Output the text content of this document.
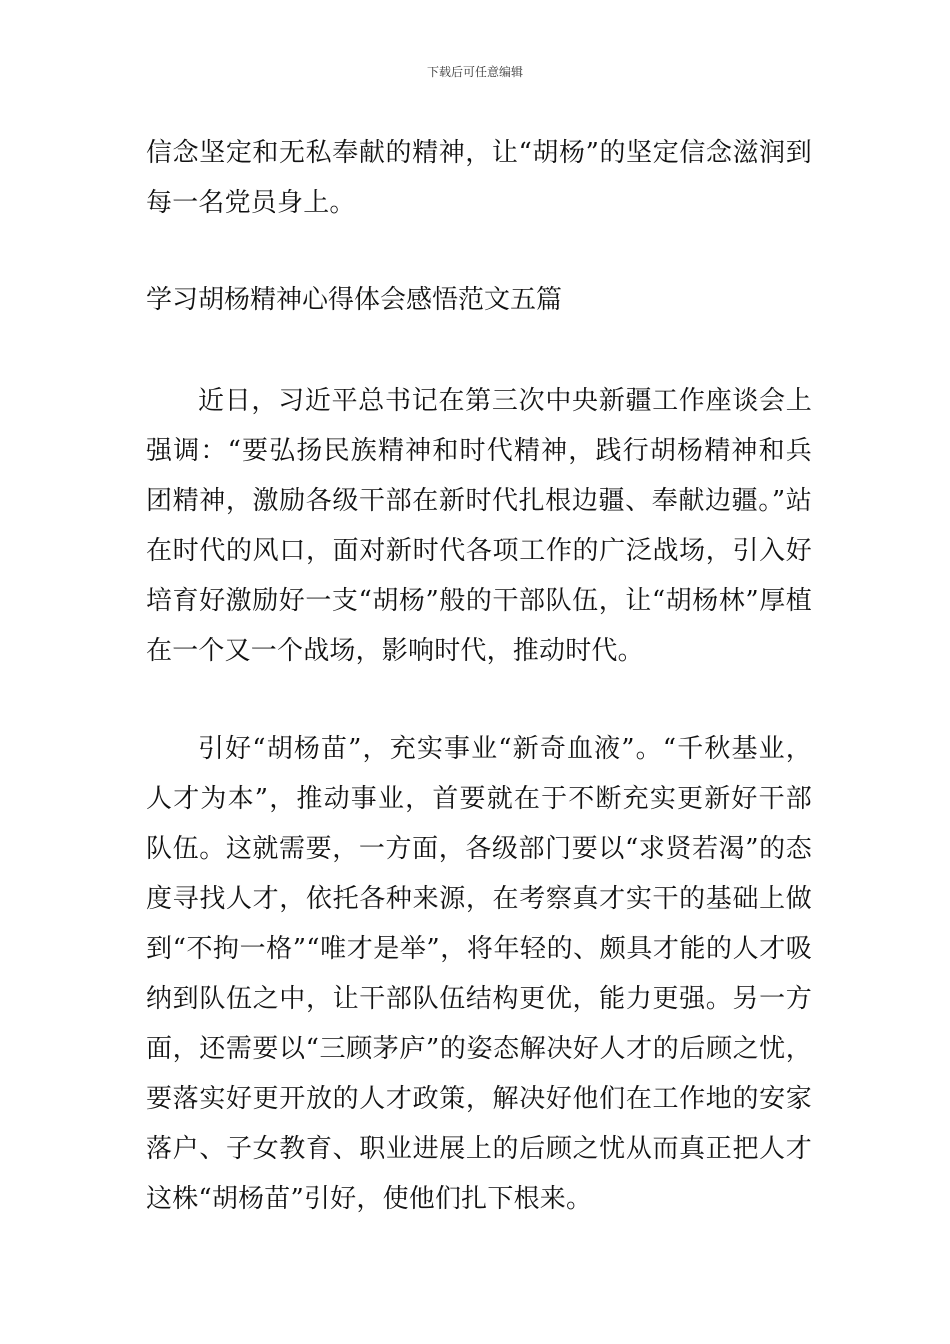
下载后可任意编辑
信念坚定和无私奉献的精神，让“胡杨”的坚定信念滋润到每一名党员身上。
学习胡杨精神心得体会感悟范文五篇
近日，习近平总书记在第三次中央新疆工作座谈会上强调：“要弘扬民族精神和时代精神，践行胡杨精神和兵团精神，激励各级干部在新时代扎根边疆、奉献边疆。”站在时代的风口，面对新时代各项工作的广泛战场，引入好培育好激励好一支“胡杨”般的干部队伍，让“胡杨林”厚植在一个又一个战场，影响时代，推动时代。
引好“胡杨苗”，充实事业“新奇血液”。“千秋基业，人才为本”，推动事业，首要就在于不断充实更新好干部队伍。这就需要，一方面，各级部门要以“求贤若渴”的态度寻找人才，依托各种来源，在考察真才实干的基础上做到“不拘一格”“唯才是举”，将年轻的、颇具才能的人才吸纳到队伍之中，让干部队伍结构更优，能力更强。另一方面，还需要以“三顾茅庐”的姿态解决好人才的后顾之忧，要落实好更开放的人才政策，解决好他们在工作地的安家落户、子女教育、职业进展上的后顾之忧从而真正把人才这株“胡杨苗”引好，使他们扎下根来。
